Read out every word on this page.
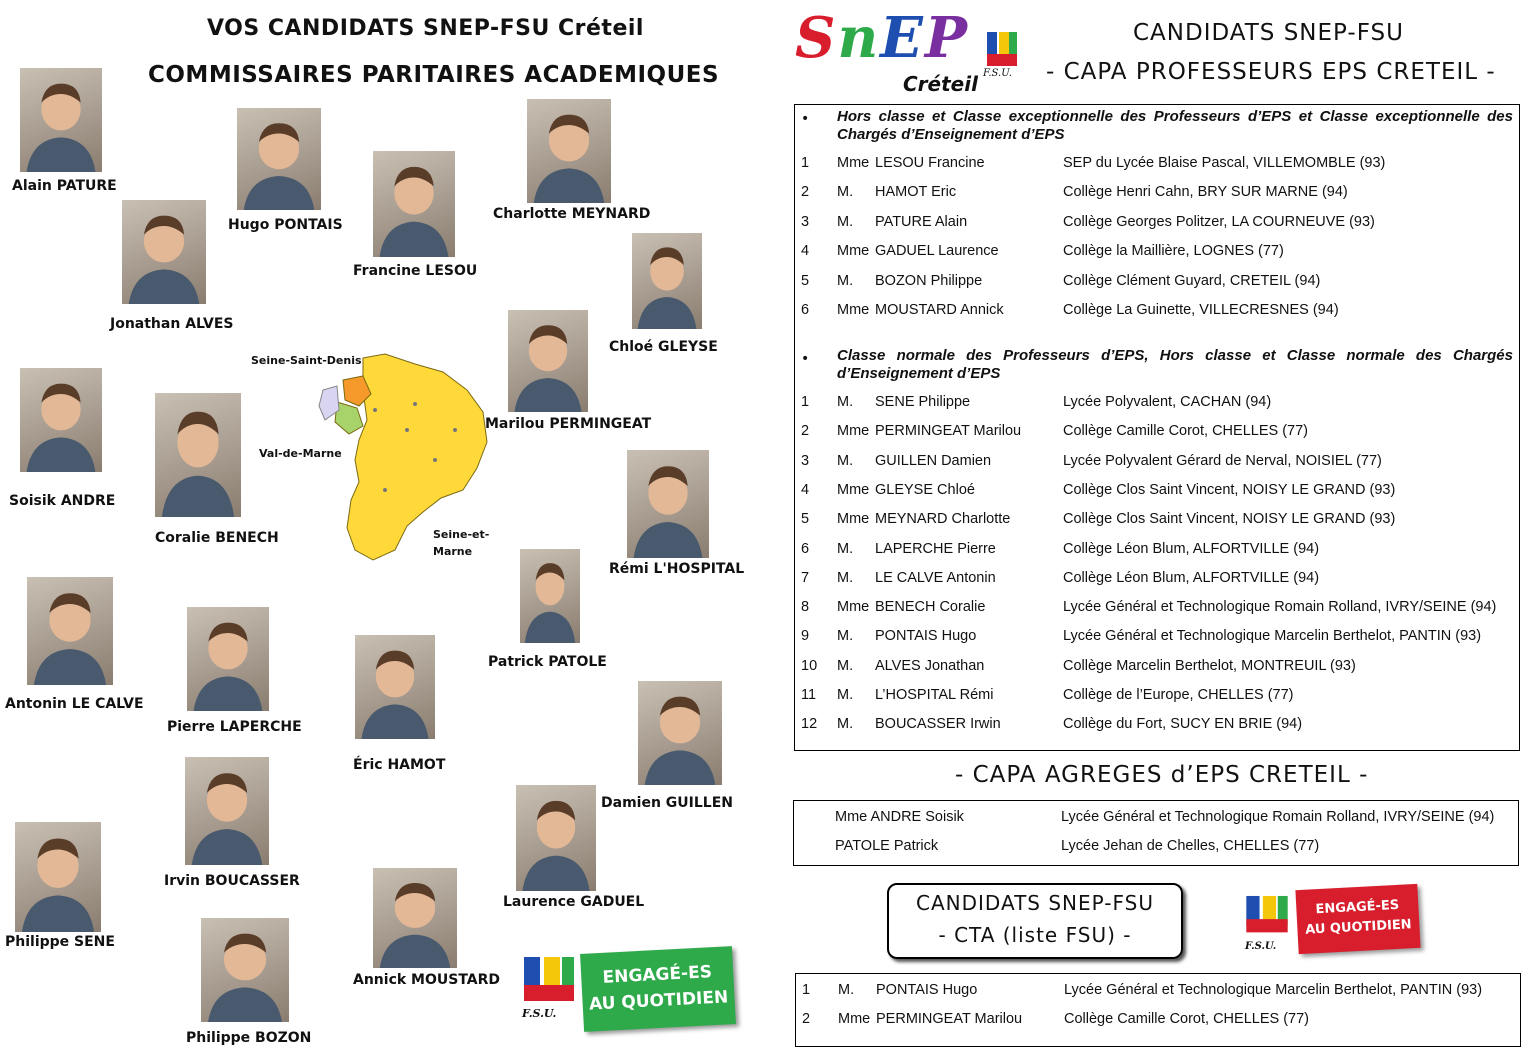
VOS CANDIDATS SNEP-FSU Créteil
COMMISSAIRES PARITAIRES ACADEMIQUES
Alain PATURE
Hugo PONTAIS
Jonathan ALVES
Francine LESOU
Charlotte MEYNARD
Chloé GLEYSE
Marilou PERMINGEAT
Soisik ANDRE
Coralie BENECH
Rémi L'HOSPITAL
Antonin LE CALVE
Pierre LAPERCHE
Patrick PATOLE
Éric HAMOT
Damien GUILLEN
Irvin BOUCASSER
Laurence GADUEL
Philippe SENE
Annick MOUSTARD
Philippe BOZON
Seine-Saint-Denis
Val-de-Marne
Seine-et-
Marne
F.S.U.
ENGAGÉ-ES
AU QUOTIDIEN
SnEP
F.S.U.
Créteil
CANDIDATS SNEP-FSU
- CAPA PROFESSEURS EPS CRETEIL -
• Hors classe et Classe exceptionnelle des Professeurs d’EPS et Classe exceptionnelle des Chargés d’Enseignement d’EPS
1 Mme LESOU Francine	SEP du Lycée Blaise Pascal, VILLEMOMBLE (93)
2 M. HAMOT Eric	Collège Henri Cahn, BRY SUR MARNE (94)
3 M. PATURE Alain	Collège Georges Politzer, LA COURNEUVE (93)
4 Mme GADUEL Laurence	Collège la Maillière, LOGNES (77)
5 M. BOZON Philippe	Collège Clément Guyard, CRETEIL (94)
6 Mme MOUSTARD Annick	Collège La Guinette, VILLECRESNES (94)
• Classe normale des Professeurs d’EPS, Hors classe et Classe normale des Chargés d’Enseignement d’EPS
1 M. SENE Philippe	Lycée Polyvalent, CACHAN (94)
2 Mme PERMINGEAT Marilou	Collège Camille Corot, CHELLES (77)
3 M. GUILLEN Damien	Lycée Polyvalent Gérard de Nerval, NOISIEL (77)
4 Mme GLEYSE Chloé	Collège Clos Saint Vincent, NOISY LE GRAND (93)
5 Mme MEYNARD Charlotte	Collège Clos Saint Vincent, NOISY LE GRAND (93)
6 M. LAPERCHE Pierre	Collège Léon Blum, ALFORTVILLE (94)
7 M. LE CALVE Antonin	Collège Léon Blum, ALFORTVILLE (94)
8 Mme BENECH Coralie	Lycée Général et Technologique Romain Rolland, IVRY/SEINE (94)
9 M. PONTAIS Hugo	Lycée Général et Technologique Marcelin Berthelot, PANTIN (93)
10 M. ALVES Jonathan	Collège Marcelin Berthelot, MONTREUIL (93)
11 M. L’HOSPITAL Rémi	Collège de l’Europe, CHELLES (77)
12 M. BOUCASSER Irwin	Collège du Fort, SUCY EN BRIE (94)
- CAPA AGREGES d’EPS CRETEIL -
Mme ANDRE Soisik	Lycée Général et Technologique Romain Rolland, IVRY/SEINE (94)
PATOLE Patrick	Lycée Jehan de Chelles, CHELLES (77)
CANDIDATS SNEP-FSU
- CTA (liste FSU) -	F.S.U.
ENGAGÉ-ES
AU QUOTIDIEN
1 M. PONTAIS Hugo	Lycée Général et Technologique Marcelin Berthelot, PANTIN (93)
2 Mme PERMINGEAT Marilou	Collège Camille Corot, CHELLES (77)
